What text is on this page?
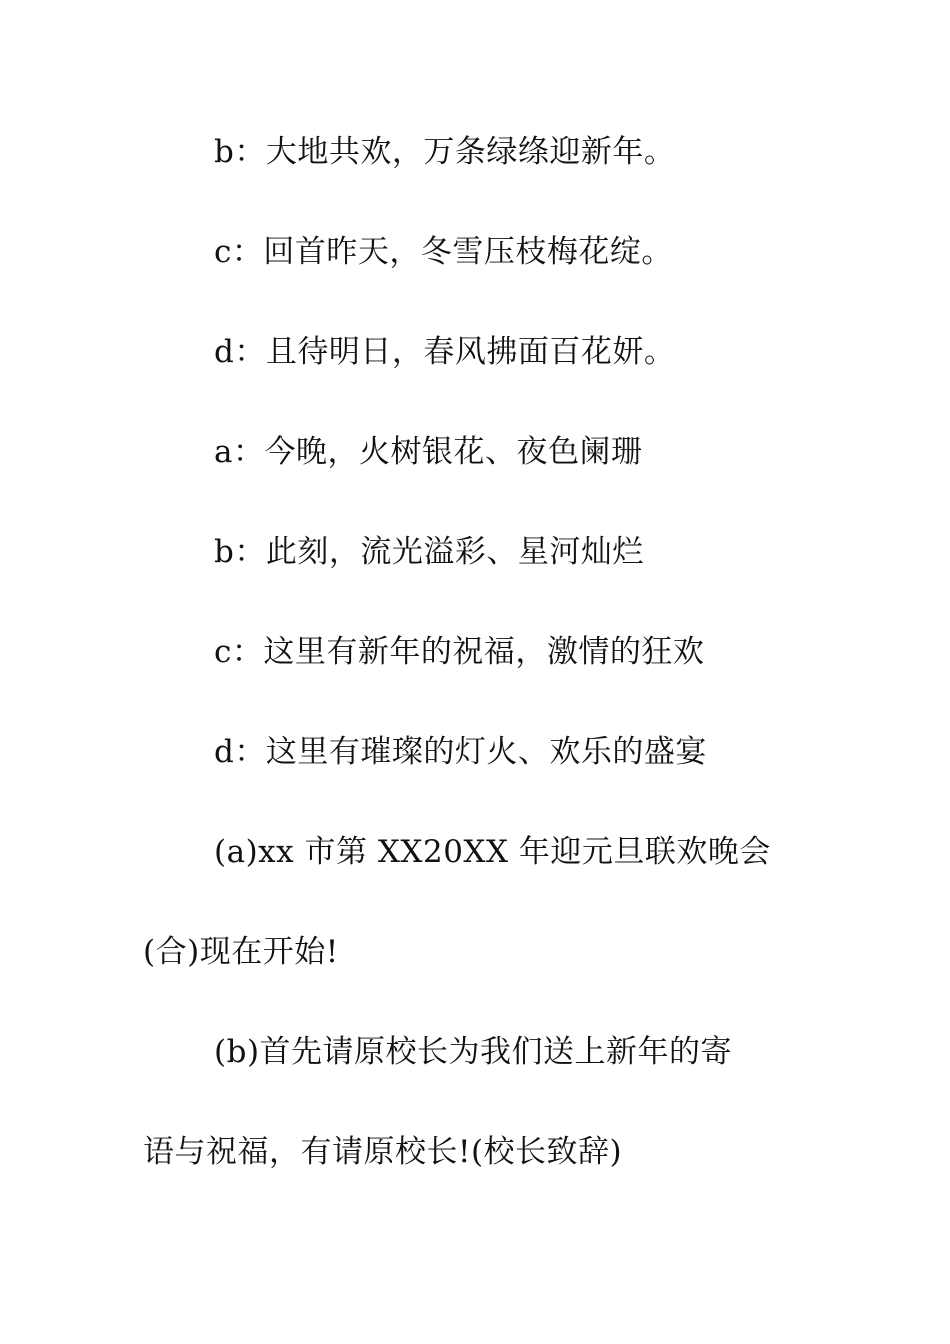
b：大地共欢，万条绿绦迎新年。
c：回首昨天，冬雪压枝梅花绽。
d：且待明日，春风拂面百花妍。
a：今晚，火树银花、夜色阑珊
b：此刻，流光溢彩、星河灿烂
c：这里有新年的祝福，激情的狂欢
d：这里有璀璨的灯火、欢乐的盛宴
(a)xx 市第 XX20XX 年迎元旦联欢晚会
(合)现在开始!
(b)首先请原校长为我们送上新年的寄
语与祝福，有请原校长!(校长致辞)
